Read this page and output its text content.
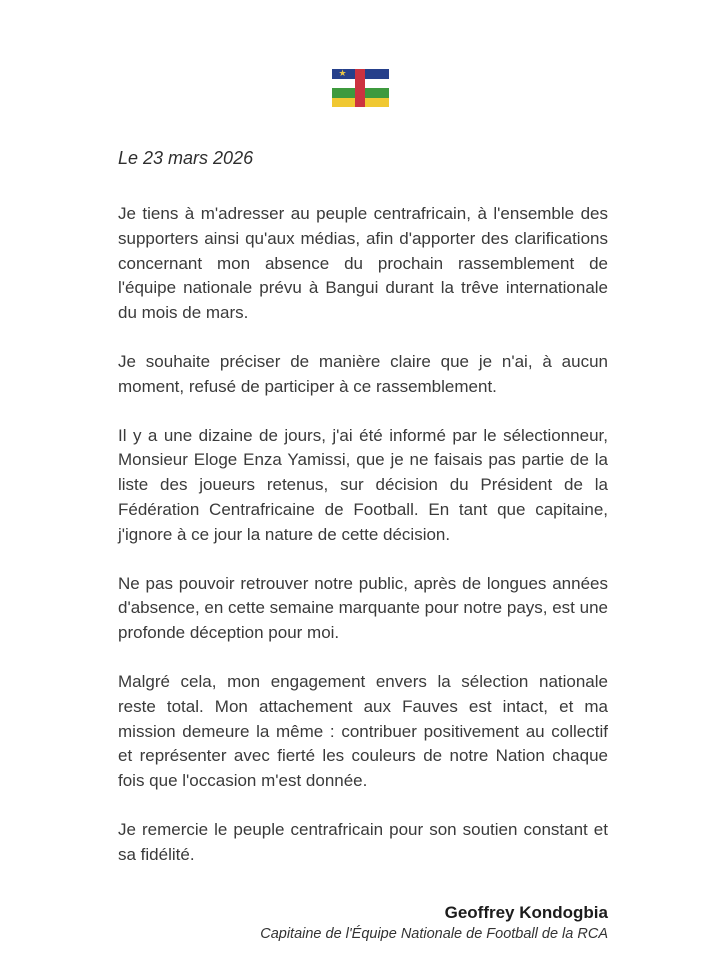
★

Le 23 mars 2026

Je tiens à m'adresser au peuple centrafricain, à l'ensemble des supporters ainsi qu'aux médias, afin d'apporter des clarifications concernant mon absence du prochain rassemblement de l'équipe nationale prévu à Bangui durant la trêve internationale du mois de mars.

Je souhaite préciser de manière claire que je n'ai, à aucun moment, refusé de participer à ce rassemblement.

Il y a une dizaine de jours, j'ai été informé par le sélectionneur, Monsieur Eloge Enza Yamissi, que je ne faisais pas partie de la liste des joueurs retenus, sur décision du Président de la Fédération Centrafricaine de Football. En tant que capitaine, j'ignore à ce jour la nature de cette décision.

Ne pas pouvoir retrouver notre public, après de longues années d'absence, en cette semaine marquante pour notre pays, est une profonde déception pour moi.

Malgré cela, mon engagement envers la sélection nationale reste total. Mon attachement aux Fauves est intact, et ma mission demeure la même : contribuer positivement au collectif et représenter avec fierté les couleurs de notre Nation chaque fois que l'occasion m'est donnée.

Je remercie le peuple centrafricain pour son soutien constant et sa fidélité.

Geoffrey Kondogbia

Capitaine de l'Équipe Nationale de Football de la RCA
